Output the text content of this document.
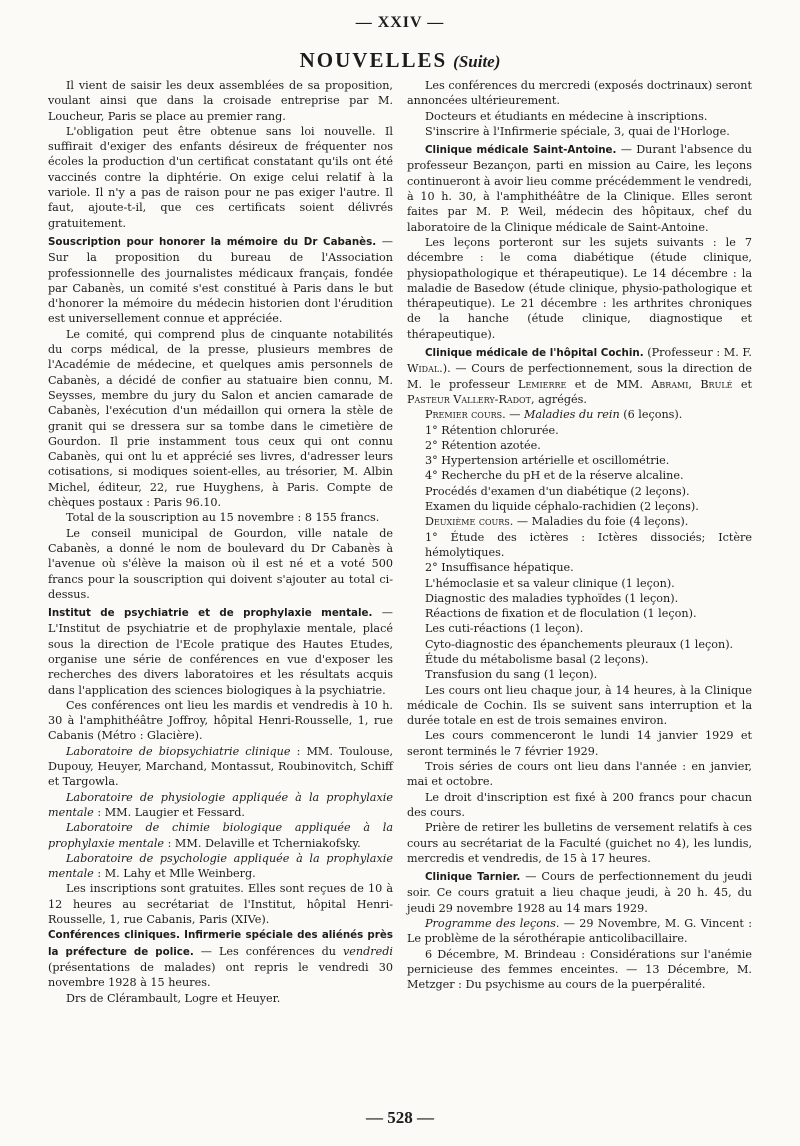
— XXIV —
NOUVELLES (Suite)

Il vient de saisir les deux assemblées de sa proposition, voulant ainsi que dans la croisade entreprise par M. Loucheur, Paris se place au premier rang.

L'obligation peut être obtenue sans loi nouvelle. Il suffirait d'exiger des enfants désireux de fréquenter nos écoles la production d'un certificat constatant qu'ils ont été vaccinés contre la diphtérie. On exige celui relatif à la variole. Il n'y a pas de raison pour ne pas exiger l'autre. Il faut, ajoute-t-il, que ces certificats soient délivrés gratuitement.

Souscription pour honorer la mémoire du Dr Cabanès. — Sur la proposition du bureau de l'Association professionnelle des journalistes médicaux français, fondée par Cabanès, un comité s'est constitué à Paris dans le but d'honorer la mémoire du médecin historien dont l'érudition est universellement connue et appréciée.

Le comité, qui comprend plus de cinquante notabilités du corps médical, de la presse, plusieurs membres de l'Académie de médecine, et quelques amis personnels de Cabanès, a décidé de confier au statuaire bien connu, M. Seysses, membre du jury du Salon et ancien camarade de Cabanès, l'exécution d'un médaillon qui ornera la stèle de granit qui se dressera sur sa tombe dans le cimetière de Gourdon. Il prie instamment tous ceux qui ont connu Cabanès, qui ont lu et apprécié ses livres, d'adresser leurs cotisations, si modiques soient-elles, au trésorier, M. Albin Michel, éditeur, 22, rue Huyghens, à Paris. Compte de chèques postaux : Paris 96.10.

Total de la souscription au 15 novembre : 8 155 francs.

Le conseil municipal de Gourdon, ville natale de Cabanès, a donné le nom de boulevard du Dr Cabanès à l'avenue où s'élève la maison où il est né et a voté 500 francs pour la souscription qui doivent s'ajouter au total ci-dessus.

Institut de psychiatrie et de prophylaxie mentale. — L'Institut de psychiatrie et de prophylaxie mentale, placé sous la direction de l'Ecole pratique des Hautes Etudes, organise une série de conférences en vue d'exposer les recherches des divers laboratoires et les résultats acquis dans l'application des sciences biologiques à la psychiatrie.

Ces conférences ont lieu les mardis et vendredis à 10 h. 30 à l'amphithéâtre Joffroy, hôpital Henri-Rousselle, 1, rue Cabanis (Métro : Glacière).

Laboratoire de biopsychiatrie clinique : MM. Toulouse, Dupouy, Heuyer, Marchand, Montassut, Roubinovitch, Schiff et Targowla.

Laboratoire de physiologie appliquée à la prophylaxie mentale : MM. Laugier et Fessard.

Laboratoire de chimie biologique appliquée à la prophylaxie mentale : MM. Delaville et Tcherniakofsky.

Laboratoire de psychologie appliquée à la prophylaxie mentale : M. Lahy et Mlle Weinberg.

Les inscriptions sont gratuites. Elles sont reçues de 10 à 12 heures au secrétariat de l'Institut, hôpital Henri-Rousselle, 1, rue Cabanis, Paris (XIVe).

Conférences cliniques. Infirmerie spéciale des aliénés près la préfecture de police. — Les conférences du vendredi (présentations de malades) ont repris le vendredi 30 novembre 1928 à 15 heures.

Drs de Clérambault, Logre et Heuyer.

Les conférences du mercredi (exposés doctrinaux) seront annoncées ultérieurement.

Docteurs et étudiants en médecine à inscriptions.

S'inscrire à l'Infirmerie spéciale, 3, quai de l'Horloge.

Clinique médicale Saint-Antoine. — Durant l'absence du professeur Bezançon, parti en mission au Caire, les leçons continueront à avoir lieu comme précédemment le vendredi, à 10 h. 30, à l'amphithéâtre de la Clinique. Elles seront faites par M. P. Weil, médecin des hôpitaux, chef du laboratoire de la Clinique médicale de Saint-Antoine.

Les leçons porteront sur les sujets suivants : le 7 décembre : le coma diabétique (étude clinique, physiopathologique et thérapeutique). Le 14 décembre : la maladie de Basedow (étude clinique, physio-pathologique et thérapeutique). Le 21 décembre : les arthrites chroniques de la hanche (étude clinique, diagnostique et thérapeutique).

Clinique médicale de l'hôpital Cochin. (Professeur : M. F. Widal.). — Cours de perfectionnement, sous la direction de M. le professeur Lemierre et de MM. Abrami, Brulé et Pasteur Vallery-Radot, agrégés.

Premier cours. — Maladies du rein (6 leçons).

1° Rétention chlorurée.

2° Rétention azotée.

3° Hypertension artérielle et oscillométrie.

4° Recherche du pH et de la réserve alcaline.

Procédés d'examen d'un diabétique (2 leçons).

Examen du liquide céphalo-rachidien (2 leçons).

Deuxième cours. — Maladies du foie (4 leçons).

1° Étude des ictères : Ictères dissociés; Ictère hémolytiques.

2° Insuffisance hépatique.

L'hémoclasie et sa valeur clinique (1 leçon).

Diagnostic des maladies typhoïdes (1 leçon).

Réactions de fixation et de floculation (1 leçon).

Les cuti-réactions (1 leçon).

Cyto-diagnostic des épanchements pleuraux (1 leçon).

Étude du métabolisme basal (2 leçons).

Transfusion du sang (1 leçon).

Les cours ont lieu chaque jour, à 14 heures, à la Clinique médicale de Cochin. Ils se suivent sans interruption et la durée totale en est de trois semaines environ.

Les cours commenceront le lundi 14 janvier 1929 et seront terminés le 7 février 1929.

Trois séries de cours ont lieu dans l'année : en janvier, mai et octobre.

Le droit d'inscription est fixé à 200 francs pour chacun des cours.

Prière de retirer les bulletins de versement relatifs à ces cours au secrétariat de la Faculté (guichet no 4), les lundis, mercredis et vendredis, de 15 à 17 heures.

Clinique Tarnier. — Cours de perfectionnement du jeudi soir. Ce cours gratuit a lieu chaque jeudi, à 20 h. 45, du jeudi 29 novembre 1928 au 14 mars 1929.

Programme des leçons. — 29 Novembre, M. G. Vincent : Le problème de la sérothérapie anticolibacillaire.

6 Décembre, M. Brindeau : Considérations sur l'anémie pernicieuse des femmes enceintes. — 13 Décembre, M. Metzger : Du psychisme au cours de la puerpéralité.

— 528 —
